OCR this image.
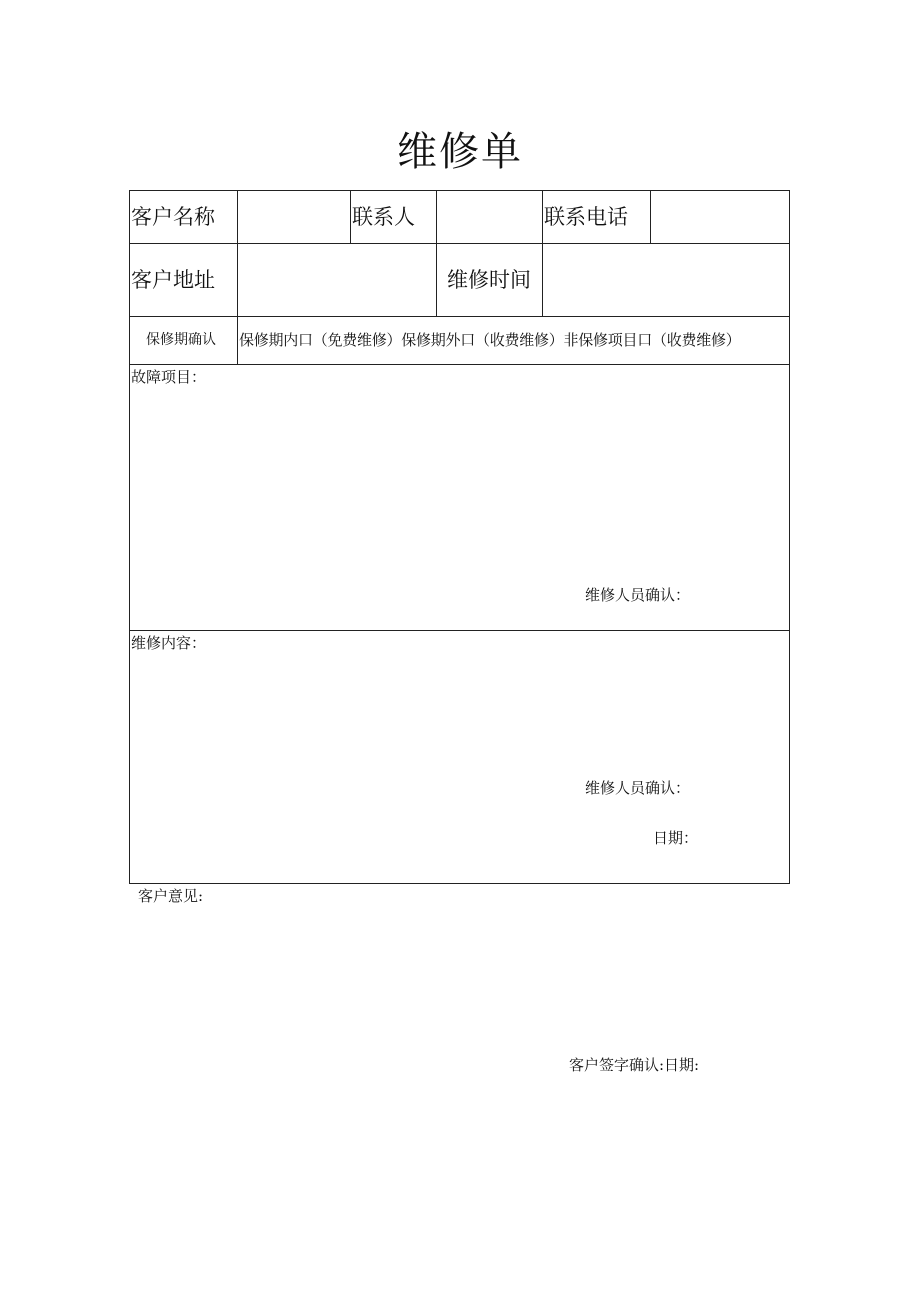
维修单
客户名称	联系人	联系电话
客户地址	维修时间
保修期确认 保修期内口（免费维修）保修期外口（收费维修）非保修项目口（收费维修）
故障项目：
维修人员确认：
维修内容：
维修人员确认：
日期：
客户意见:
客户签字确认:日期:
